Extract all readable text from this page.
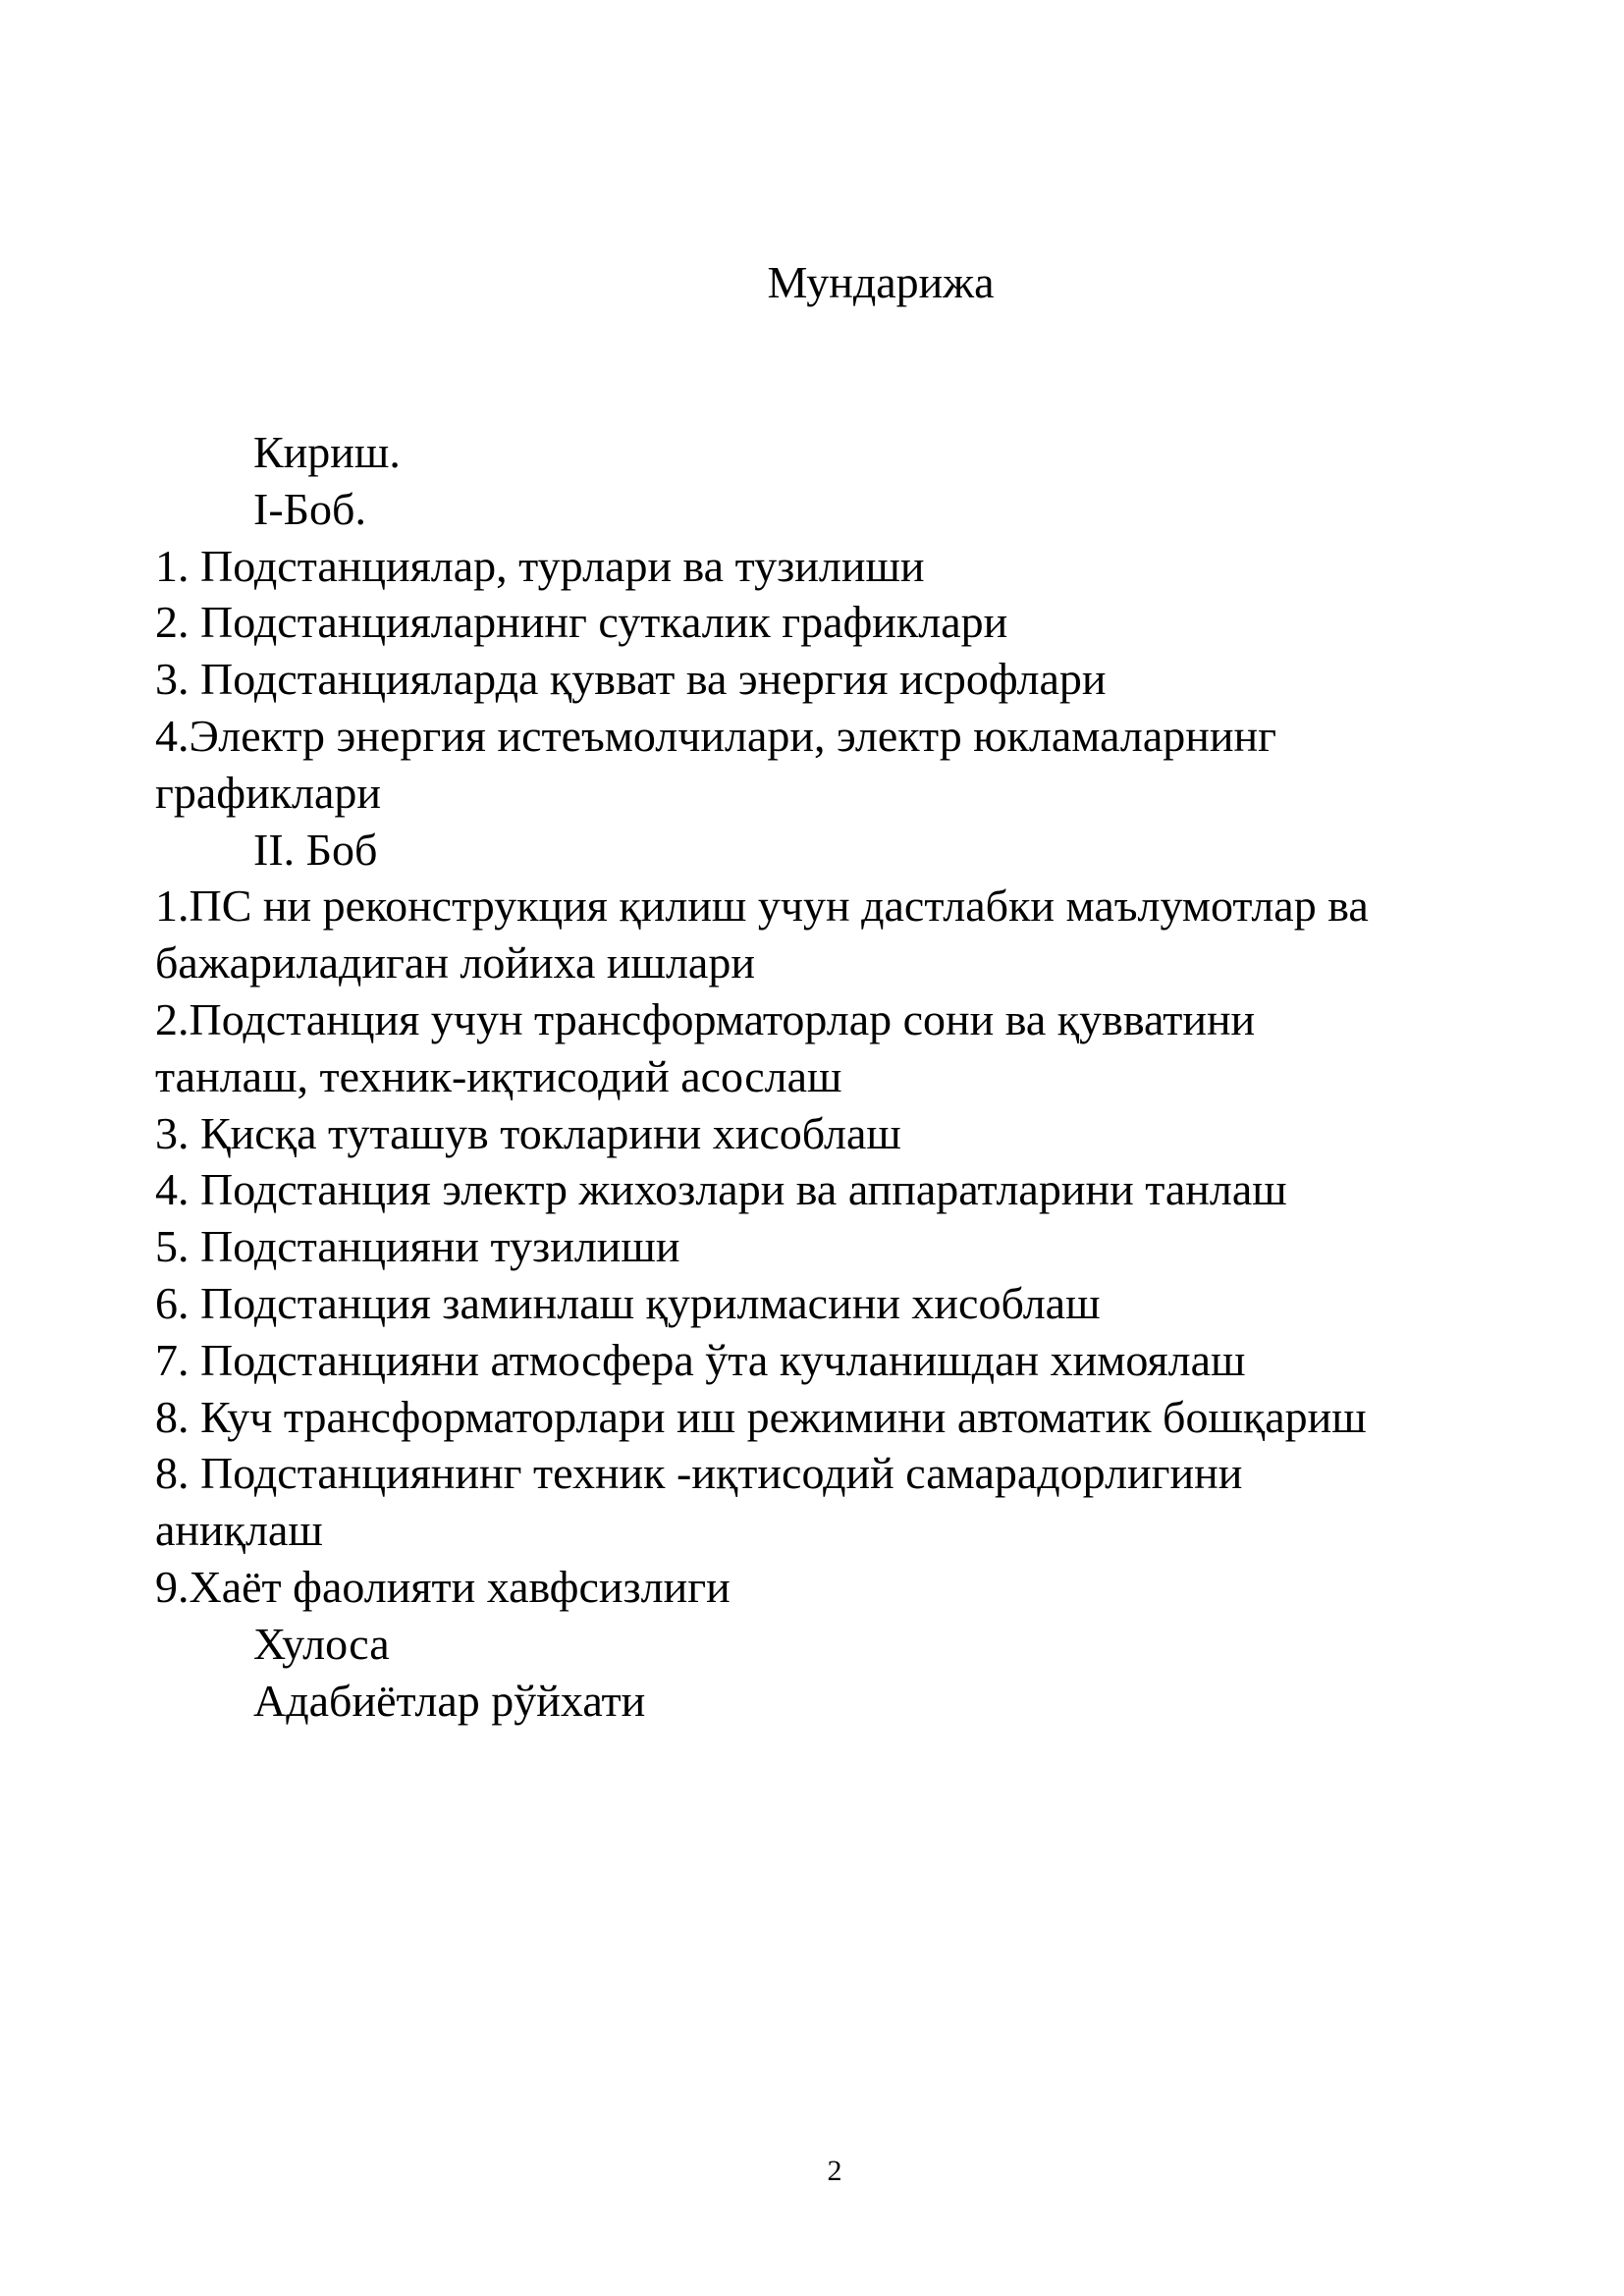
Мундарижа
Кириш.
I-Боб.
1. Подстанциялар, турлари ва тузилиши
2. Подстанцияларнинг суткалик графиклари
3. Подстанцияларда қувват ва энергия исрофлари
4.Электр энергия истеъмолчилари, электр юкламаларнинг
графиклари
II. Боб
1.ПС ни реконструкция қилиш учун дастлабки маълумотлар ва
бажариладиган лойиха ишлари
2.Подстанция учун трансформаторлар сони ва қувватини
танлаш, техник-иқтисодий асослаш
3. Қисқа туташув токларини хисоблаш
4. Подстанция электр жихозлари ва аппаратларини танлаш
5. Подстанцияни тузилиши
6. Подстанция заминлаш қурилмасини хисоблаш
7. Подстанцияни атмосфера ўта кучланишдан химоялаш
8. Куч трансформаторлари иш режимини автоматик бошқариш
8. Подстанциянинг техник -иқтисодий самарадорлигини
аниқлаш
9.Хаёт фаолияти хавфсизлиги
Хулоса
Адабиётлар рўйхати
2
